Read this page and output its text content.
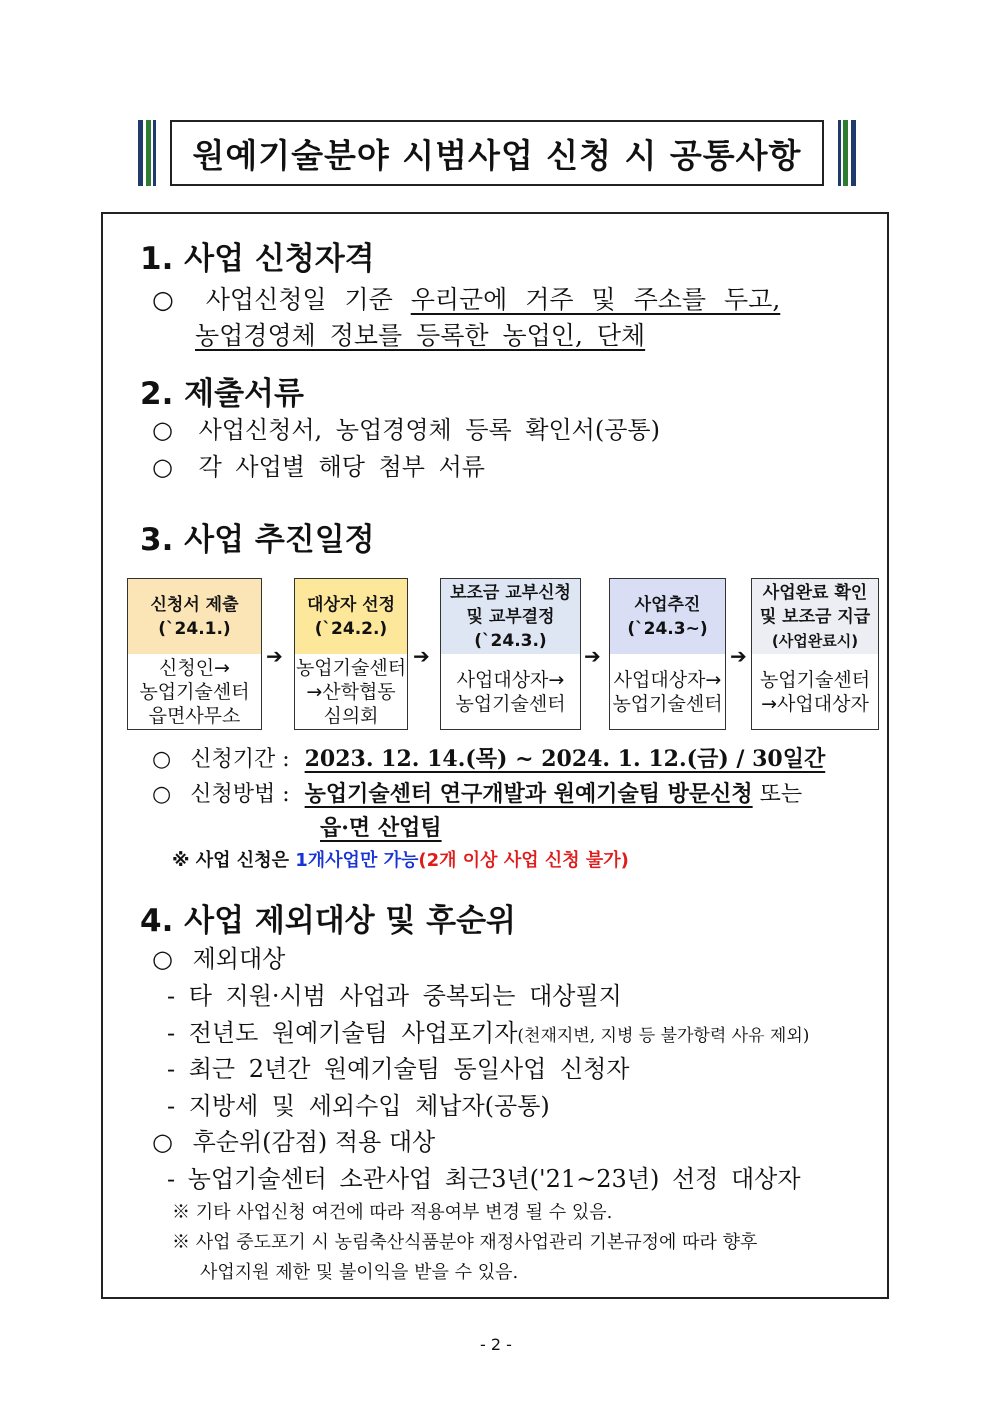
원예기술분야 시범사업 신청 시 공통사항
1. 사업 신청자격
○ 사업신청일 기준 우리군에 거주 및 주소를 두고,
농업경영체 정보를 등록한 농업인, 단체
2. 제출서류
○ 사업신청서, 농업경영체 등록 확인서(공통)
○ 각 사업별 해당 첨부 서류
3. 사업 추진일정
신청서 제출
(`24.1.)
신청인→
농업기술센터
읍면사무소
➔
대상자 선정
(`24.2.)
농업기술센터
→산학협동
심의회
➔
보조금 교부신청
및 교부결정
(`24.3.)
사업대상자→
농업기술센터
➔
사업추진
(`24.3~)
사업대상자→
농업기술센터
➔
사업완료 확인
및 보조금 지급
(사업완료시)
농업기술센터
→사업대상자
○ 신청기간 : 2023. 12. 14.(목) ~ 2024. 1. 12.(금) / 30일간
○ 신청방법 : 농업기술센터 연구개발과 원예기술팀 방문신청 또는
읍·면 산업팀
※ 사업 신청은 1개사업만 가능(2개 이상 사업 신청 불가)
4. 사업 제외대상 및 후순위
○ 제외대상
- 타 지원·시범 사업과 중복되는 대상필지
- 전년도 원예기술팀 사업포기자(천재지변, 지병 등 불가항력 사유 제외)
- 최근 2년간 원예기술팀 동일사업 신청자
- 지방세 및 세외수입 체납자(공통)
○ 후순위(감점) 적용 대상
- 농업기술센터 소관사업 최근3년('21~23년) 선정 대상자
※ 기타 사업신청 여건에 따라 적용여부 변경 될 수 있음.
※ 사업 중도포기 시 농림축산식품분야 재정사업관리 기본규정에 따라 향후
사업지원 제한 및 불이익을 받을 수 있음.
- 2 -
